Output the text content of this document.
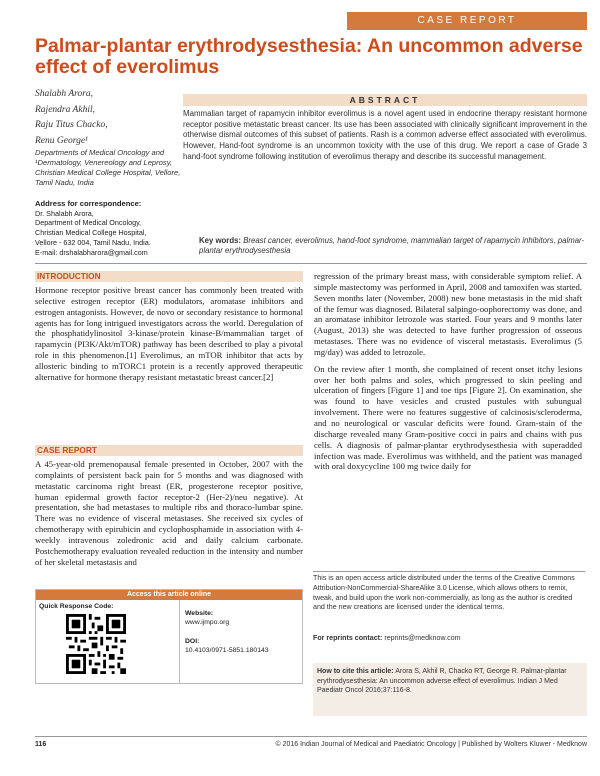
CASE REPORT
Palmar-plantar erythrodysesthesia: An uncommon adverse effect of everolimus
Shalabh Arora,
Rajendra Akhil,
Raju Titus Chacko,
Renu George¹
Departments of Medical Oncology and ¹Dermatology, Venereology and Leprosy, Christian Medical College Hospital, Vellore, Tamil Nadu, India
Address for correspondence:
Dr. Shalabh Arora,
Department of Medical Oncology,
Christian Medical College Hospital,
Vellore - 632 004, Tamil Nadu, India.
E-mail: drshalabharora@gmail.com
ABSTRACT
Mammalian target of rapamycin inhibitor everolimus is a novel agent used in endocrine therapy resistant hormone receptor positive metastatic breast cancer. Its use has been associated with clinically significant improvement in the otherwise dismal outcomes of this subset of patients. Rash is a common adverse effect associated with everolimus. However, Hand-foot syndrome is an uncommon toxicity with the use of this drug. We report a case of Grade 3 hand-foot syndrome following institution of everolimus therapy and describe its successful management.
Key words: Breast cancer, everolimus, hand-foot syndrome, mammalian target of rapamycin inhibitors, palmar-plantar erythrodysesthesia
INTRODUCTION
Hormone receptor positive breast cancer has commonly been treated with selective estrogen receptor (ER) modulators, aromatase inhibitors and estrogen antagonists. However, de novo or secondary resistance to hormonal agents has for long intrigued investigators across the world. Deregulation of the phosphatidylinositol 3-kinase/protein kinase-B/mammalian target of rapamycin (PI3K/Akt/mTOR) pathway has been described to play a pivotal role in this phenomenon.[1] Everolimus, an mTOR inhibitor that acts by allosteric binding to mTORC1 protein is a recently approved therapeutic alternative for hormone therapy resistant metastatic breast cancer.[2]
CASE REPORT
A 45-year-old premenopausal female presented in October, 2007 with the complaints of persistent back pain for 5 months and was diagnosed with metastatic carcinoma right breast (ER, progesterone receptor positive, human epidermal growth factor receptor-2 (Her-2)/neu negative). At presentation, she had metastases to multiple ribs and thoraco-lumbar spine. There was no evidence of visceral metastases. She received six cycles of chemotherapy with epirubicin and cyclophosphamide in association with 4-weekly intravenous zoledronic acid and daily calcium carbonate. Postchemotherapy evaluation revealed reduction in the intensity and number of her skeletal metastasis and

regression of the primary breast mass, with considerable symptom relief. A simple mastectomy was performed in April, 2008 and tamoxifen was started. Seven months later (November, 2008) new bone metastasis in the mid shaft of the femur was diagnosed. Bilateral salpingo-oophorectomy was done, and an aromatase inhibitor letrozole was started. Four years and 9 months later (August, 2013) she was detected to have further progression of osseous metastases. There was no evidence of visceral metastasis. Everolimus (5 mg/day) was added to letrozole.

On the review after 1 month, she complained of recent onset itchy lesions over her both palms and soles, which progressed to skin peeling and ulceration of fingers [Figure 1] and toe tips [Figure 2]. On examination, she was found to have vesicles and crusted pustules with subungual involvement. There were no features suggestive of calcinosis/scleroderma, and no neurological or vascular deficits were found. Gram-stain of the discharge revealed many Gram-positive cocci in pairs and chains with pus cells. A diagnosis of palmar-plantar erythrodysesthesia with superadded infection was made. Everolimus was withheld, and the patient was managed with oral doxycycline 100 mg twice daily for

Access this article online
Quick Response Code:
Website:
www.ijmpo.org
DOI:
10.4103/0971-5851.180143
This is an open access article distributed under the terms of the Creative Commons Attribution-NonCommercial-ShareAlike 3.0 License, which allows others to remix, tweak, and build upon the work non-commercially, as long as the author is credited and the new creations are licensed under the identical terms.
For reprints contact: reprints@medknow.com
How to cite this article: Arora S, Akhil R, Chacko RT, George R. Palmar-plantar erythrodysesthesia: An uncommon adverse effect of everolimus. Indian J Med Paediatr Oncol 2016;37:116-8.
116	© 2016 Indian Journal of Medical and Paediatric Oncology | Published by Wolters Kluwer - Medknow
